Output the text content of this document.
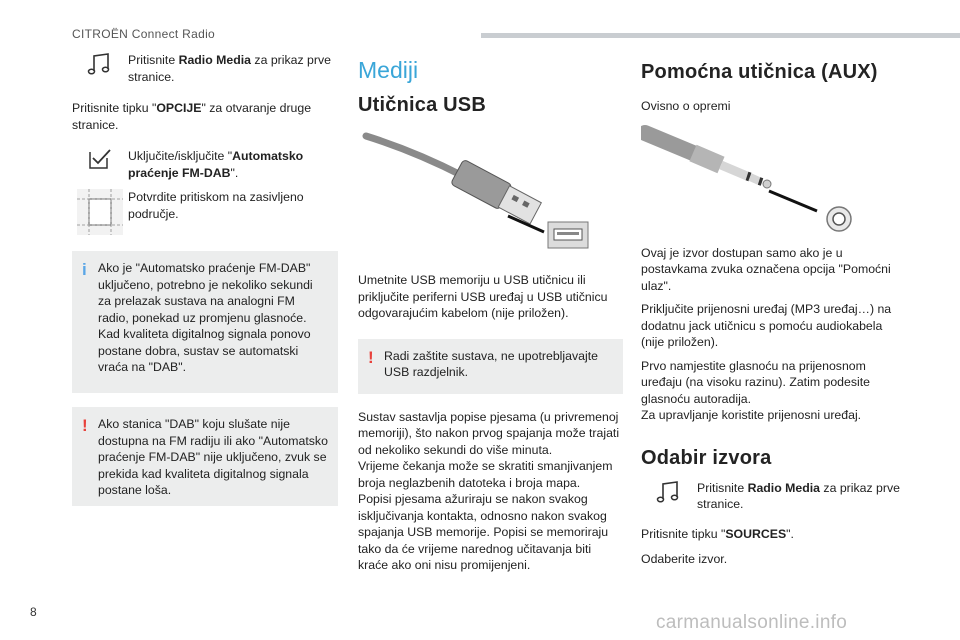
CITROËN Connect Radio

Pritisnite Radio Media za prikaz prve stranice.

Pritisnite tipku "OPCIJE" za otvaranje druge stranice.

Uključite/isključite "Automatsko praćenje FM-DAB".

Potvrdite pritiskom na zasivljeno područje.

i Ako je "Automatsko praćenje FM-DAB" uključeno, potrebno je nekoliko sekundi za prelazak sustava na analogni FM radio, ponekad uz promjenu glasnoće.

Kad kvaliteta digitalnog signala ponovo postane dobra, sustav se automatski vraća na "DAB".

! Ako stanica "DAB" koju slušate nije dostupna na FM radiju ili ako "Automatsko praćenje FM-DAB" nije uključeno, zvuk se prekida kad kvaliteta digitalnog signala postane loša.

Mediji
Utičnica USB

Umetnite USB memoriju u USB utičnicu ili priključite periferni USB uređaj u USB utičnicu odgovarajućim kabelom (nije priložen).

! Radi zaštite sustava, ne upotrebljavajte USB razdjelnik.

Sustav sastavlja popise pjesama (u privremenoj memoriji), što nakon prvog spajanja može trajati od nekoliko sekundi do više minuta.

Vrijeme čekanja može se skratiti smanjivanjem broja neglazbenih datoteka i broja mapa.

Popisi pjesama ažuriraju se nakon svakog isključivanja kontakta, odnosno nakon svakog spajanja USB memorije. Popisi se memoriraju tako da će vrijeme narednog učitavanja biti kraće ako oni nisu promijenjeni.

Pomoćna utičnica (AUX)

Ovisno o opremi

Ovaj je izvor dostupan samo ako je u postavkama zvuka označena opcija "Pomoćni ulaz".

Priključite prijenosni uređaj (MP3 uređaj…) na dodatnu jack utičnicu s pomoću audiokabela (nije priložen).

Prvo namjestite glasnoću na prijenosnom uređaju (na visoku razinu). Zatim podesite glasnoću autoradija.

Za upravljanje koristite prijenosni uređaj.

Odabir izvora

Pritisnite Radio Media za prikaz prve stranice.

Pritisnite tipku "SOURCES".

Odaberite izvor.

8	carmanualsonline.info
